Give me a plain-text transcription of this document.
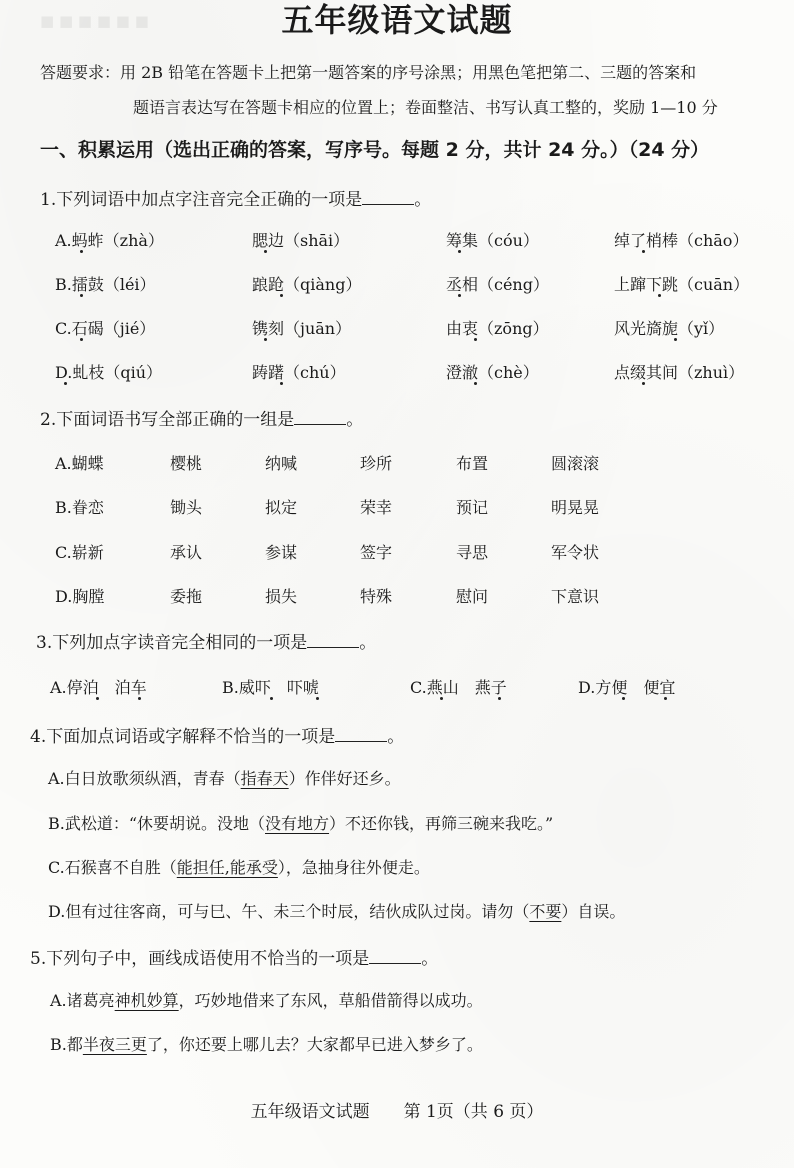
■ ■ ■ ■ ■ ■	五年级语文试题
答题要求：用 2B 铅笔在答题卡上把第一题答案的序号涂黑；用黑色笔把第二、三题的答案和
题语言表达写在答题卡相应的位置上；卷面整洁、书写认真工整的，奖励 1—10 分
一、积累运用（选出正确的答案，写序号。每题 2 分，共计 24 分。）（24 分）
1.下列词语中加点字注音完全正确的一项是	。
A.蚂蚱（zhà）	腮边（shāi）	筹集（cóu）	绰了梢棒（chāo）
B.擂鼓（léi）	踉跄（qiàng）	丞相（céng）	上蹿下跳（cuān）
C.石碣（jié）	镌刻（juān）	由衷（zōng）	风光旖旎（yǐ）
D.虬枝（qiú）	踌躇（chú）	澄澈（chè）	点缀其间（zhuì）
2.下面词语书写全部正确的一组是	。
A.蝴蝶	樱桃	纳喊	珍所	布置	圆滚滚
B.眷恋	锄头	拟定	荣幸	预记	明晃晃
C.崭新	承认	参谋	签字	寻思	军令状
D.胸膛	委拖	损失	特殊	慰问	下意识
3.下列加点字读音完全相同的一项是	。
A.停泊　泊车	B.威吓　吓唬	C.燕山　燕子	D.方便　便宜
4.下面加点词语或字解释不恰当的一项是	。
A.白日放歌须纵酒，青春（指春天）作伴好还乡。
B.武松道：“休要胡说。没地（没有地方）不还你钱，再筛三碗来我吃。”
C.石猴喜不自胜（能担任,能承受），急抽身往外便走。
D.但有过往客商，可与巳、午、未三个时辰，结伙成队过岗。请勿（不要）自误。
5.下列句子中，画线成语使用不恰当的一项是	。
A.诸葛亮神机妙算，巧妙地借来了东风，草船借箭得以成功。
B.都半夜三更了，你还要上哪儿去？大家都早已进入梦乡了。
五年级语文试题　　第 1页（共 6 页）
